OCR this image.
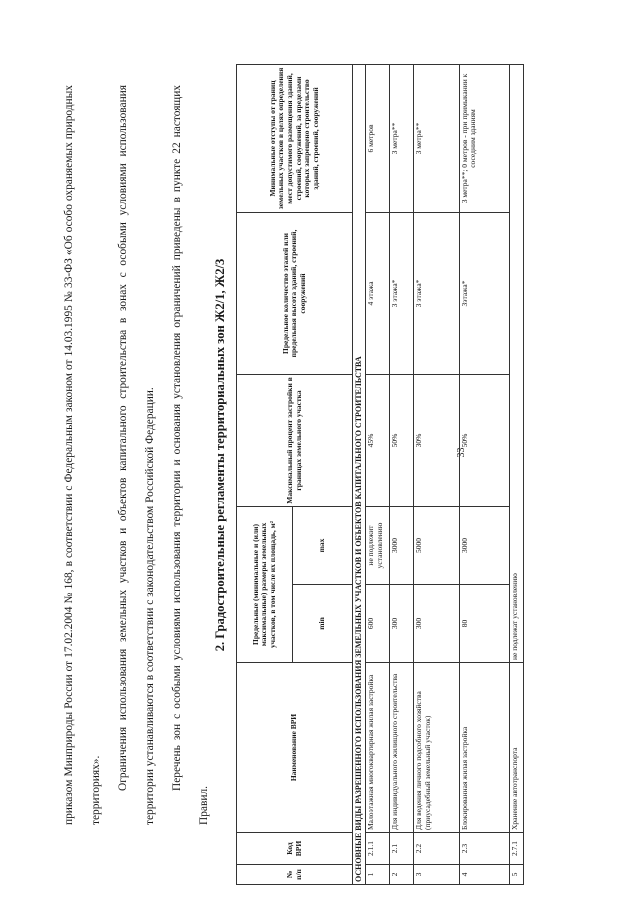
33
приказом Минприроды России от 17.02.2004 № 168, в соответствии с Федеральным законом от 14.03.1995 № 33-ФЗ «Об особо охраняемых природных территориях».	Ограничения использования земельных участков и объектов капитального строительства в зонах с особыми условиями использования территории устанавливаются в соответствии с законодательством Российской Федерации.	Перечень зон с особыми условиями использования территории и основания установления ограничений приведены в пункте 22 настоящих Правил.
2. Градостроительные регламенты территориальных зон Ж2/1, Ж2/3
№ п/п	Код ВРИ	Наименование ВРИ	Предельные (минимальные и (или) максимальные) размеры земельных участков, в том числе их площадь, м²		Максимальный процент застройки в границах земельного участка	Предельное количество этажей или предельная высота зданий, строений, сооружений	Минимальные отступы от границ земельных участков в целях определения мест допустимого размещения зданий, строений, сооружений, за пределами которых запрещено строительство зданий, строений, сооружений
			min	max			
ОСНОВНЫЕ ВИДЫ РАЗРЕШЕННОГО ИСПОЛЬЗОВАНИЯ ЗЕМЕЛЬНЫХ УЧАСТКОВ И ОБЪЕКТОВ КАПИТАЛЬНОГО СТРОИТЕЛЬСТВА							
1	2.1.1	Малоэтажная многоквартирная жилая застройка	600	не подлежит установлению	45%	4 этажа	6 метров
2	2.1	Для индивидуального жилищного строительства	300	3000	50%	3 этажа*	3 метра**
3	2.2	Для ведения личного подсобного хозяйства (приусадебный земельный участок)	300	5000	30%	3 этажа*	3 метра**
4	2.3	Блокированная жилая застройка	80	3000	50%	3этажа*	3 метра**; 0 метров - при примыкании к соседним зданиям
5	2.7.1	Хранение автотранспорта	не подлежат установлению				
